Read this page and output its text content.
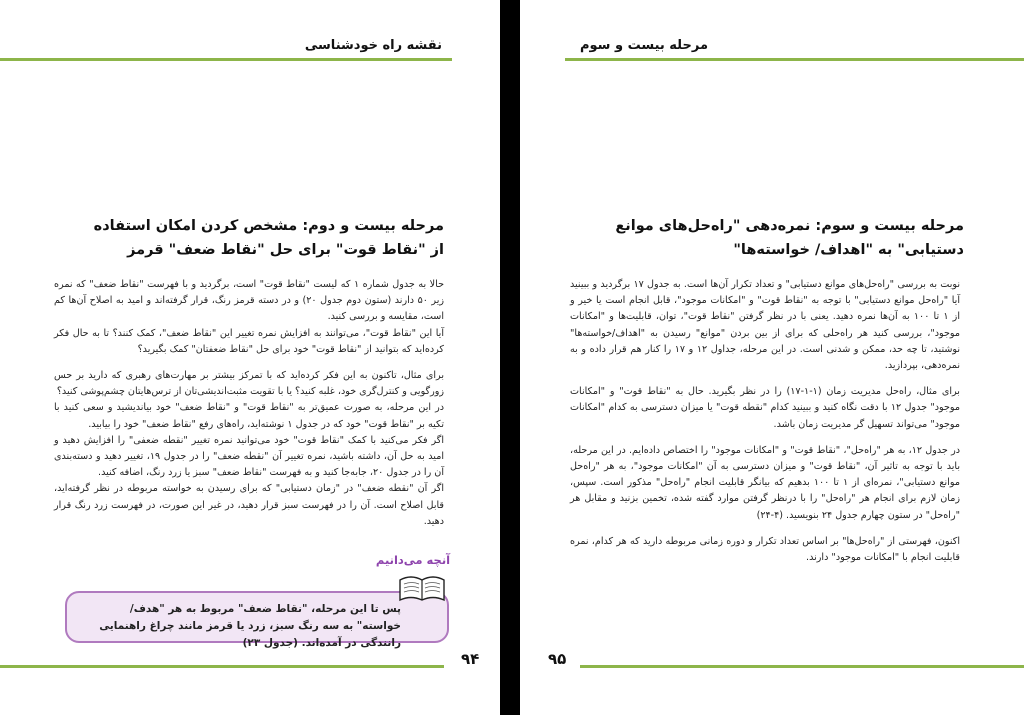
نقشه راه خودشناسی
مرحله بیست و دوم: مشخص کردن امکان استفاده از "نقاط قوت" برای حل "نقاط ضعف" قرمز

حالا به جدول شماره ۱ که لیست "نقاط قوت" است، برگردید و با فهرست "نقاط ضعف" که نمره زیر ۵۰ دارند (ستون دوم جدول ۲۰) و در دسته قرمز رنگ، قرار گرفته‌اند و امید به اصلاح آن‌ها کم است، مقایسه و بررسی کنید.

آیا این "نقاط قوت"، می‌توانند به افزایش نمره تغییر این "نقاط ضعف"، کمک کنند؟ تا به حال فکر کرده‌اید که بتوانید از "نقاط قوت" خود برای حل "نقاط ضعفتان" کمک بگیرید؟

برای مثال، تاکنون به این فکر کرده‌اید که با تمرکز بیشتر بر مهارت‌های رهبری که دارید بر حس زورگویی و کنترل‌گری خود، غلبه کنید؟ یا با تقویت مثبت‌اندیشی‌تان از ترس‌هایتان چشم‌پوشی کنید؟

در این مرحله، به صورت عمیق‌تر به "نقاط قوت" و "نقاط ضعف" خود بیاندیشید و سعی کنید با تکیه بر "نقاط قوت" خود که در جدول ۱ نوشته‌اید، راه‌های رفع "نقاط ضعف" خود را بیابید.

اگر فکر می‌کنید با کمک "نقاط قوت" خود می‌توانید نمره تغییر "نقطه ضعفی" را افزایش دهید و امید به حل آن، داشته باشید، نمره تغییر آن "نقطه ضعف" را در جدول ۱۹، تغییر دهید و دسته‌بندی آن را در جدول ۲۰، جابه‌جا کنید و به فهرست "نقاط ضعف" سبز یا زرد رنگ، اضافه کنید.

اگر آن "نقطه ضعف" در "زمان دستیابی" که برای رسیدن به خواسته مربوطه در نظر گرفته‌اید، قابل اصلاح است. آن را در فهرست سبز قرار دهید، در غیر این صورت، در فهرست زرد رنگ قرار دهید.

آنچه می‌دانیم
پس تا این مرحله، "نقاط ضعف" مربوط به هر "هدف/خواسته" به سه رنگ سبز، زرد یا قرمز مانند چراغ راهنمایی رانندگی در آمده‌اند. (جدول ۲۳)
۹۴
مرحله بیست و سوم
مرحله بیست و سوم: نمره‌دهی "راه‌حل‌های موانع دستیابی" به "اهداف/ خواسته‌ها"

نوبت به بررسی "راه‌حل‌های موانع دستیابی" و تعداد تکرار آن‌ها است. به جدول ۱۷ برگردید و ببینید آیا "راه‌حل موانع دستیابی" با توجه به "نقاط قوت" و "امکانات موجود"، قابل انجام است یا خیر و از ۱ تا ۱۰۰ به آن‌ها نمره دهید. یعنی با در نظر گرفتن "نقاط قوت"، توان، قابلیت‌ها و "امکانات موجود"، بررسی کنید هر راه‌حلی که برای از بین بردن "موانع" رسیدن به "اهداف/خواسته‌ها" نوشتید، تا چه حد، ممکن و شدنی است. در این مرحله، جداول ۱۲ و ۱۷ را کنار هم قرار داده و به نمره‌دهی، بپردازید.

برای مثال، راه‌حل مدیریت زمان (۱-۱-۱۷) را در نظر بگیرید. حال به "نقاط قوت" و "امکانات موجود" جدول ۱۲ با دقت نگاه کنید و ببینید کدام "نقطه قوت" یا میزان دسترسی به کدام "امکانات موجود" می‌تواند تسهیل گر مدیریت زمان باشد.

در جدول ۱۲، به هر "راه‌حل"، "نقاط قوت" و "امکانات موجود" را اختصاص داده‌ایم. در این مرحله، باید با توجه به تاثیر آن، "نقاط قوت" و میزان دسترسی به آن "امکانات موجود"، به هر "راه‌حل موانع دستیابی"، نمره‌ای از ۱ تا ۱۰۰ بدهیم که بیانگر قابلیت انجام "راه‌حل" مذکور است. سپس، زمان لازم برای انجام هر "راه‌حل" را با درنظر گرفتن موارد گفته شده، تخمین بزنید و مقابل هر "راه‌حل" در ستون چهارم جدول ۲۴ بنویسید. (۴-۲۴)

اکنون، فهرستی از "راه‌حل‌ها" بر اساس تعداد تکرار و دوره زمانی مربوطه دارید که هر کدام، نمره قابلیت انجام با "امکانات موجود" دارند.

۹۵
